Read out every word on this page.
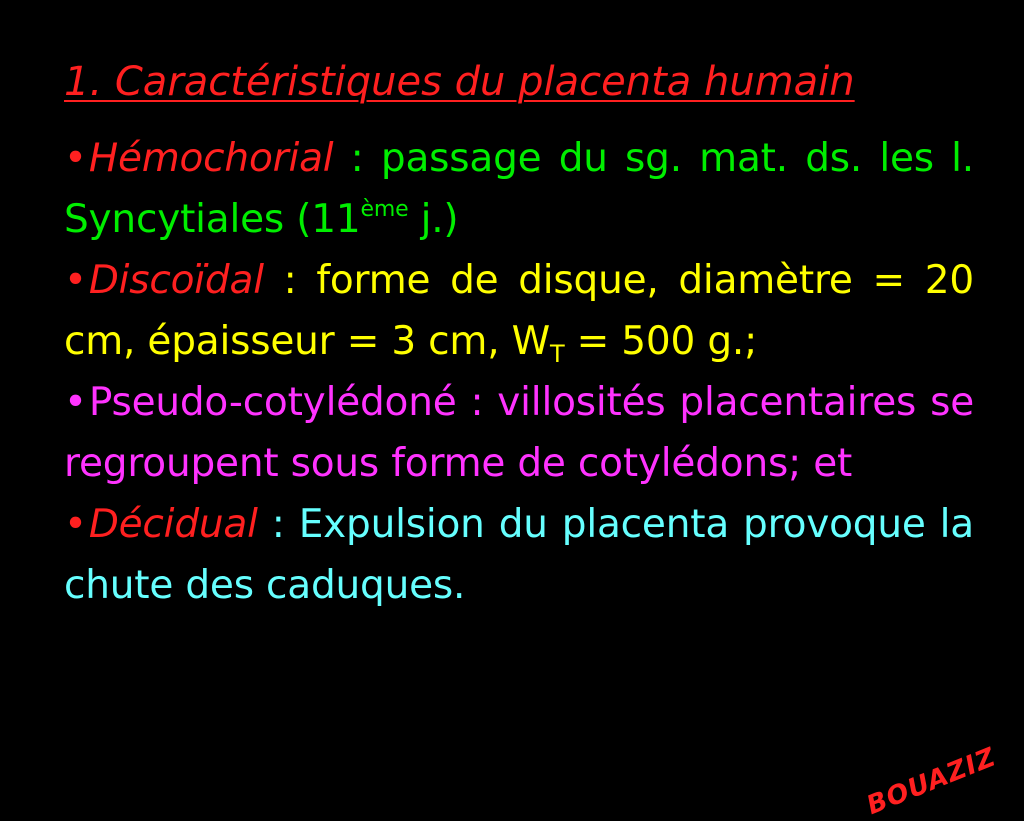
1. Caractéristiques du placenta humain

•Hémochorial : passage du sg. mat. ds. les l. Syncytiales (11ème j.)

•Discoïdal : forme de disque, diamètre = 20 cm, épaisseur = 3 cm, $W_T = 500$ g.;

•Pseudo-cotylédoné : villosités placentaires se regroupent sous forme de cotylédons; et

•Décidual : Expulsion du placenta provoque la chute des caduques.

BOUAZIZ
